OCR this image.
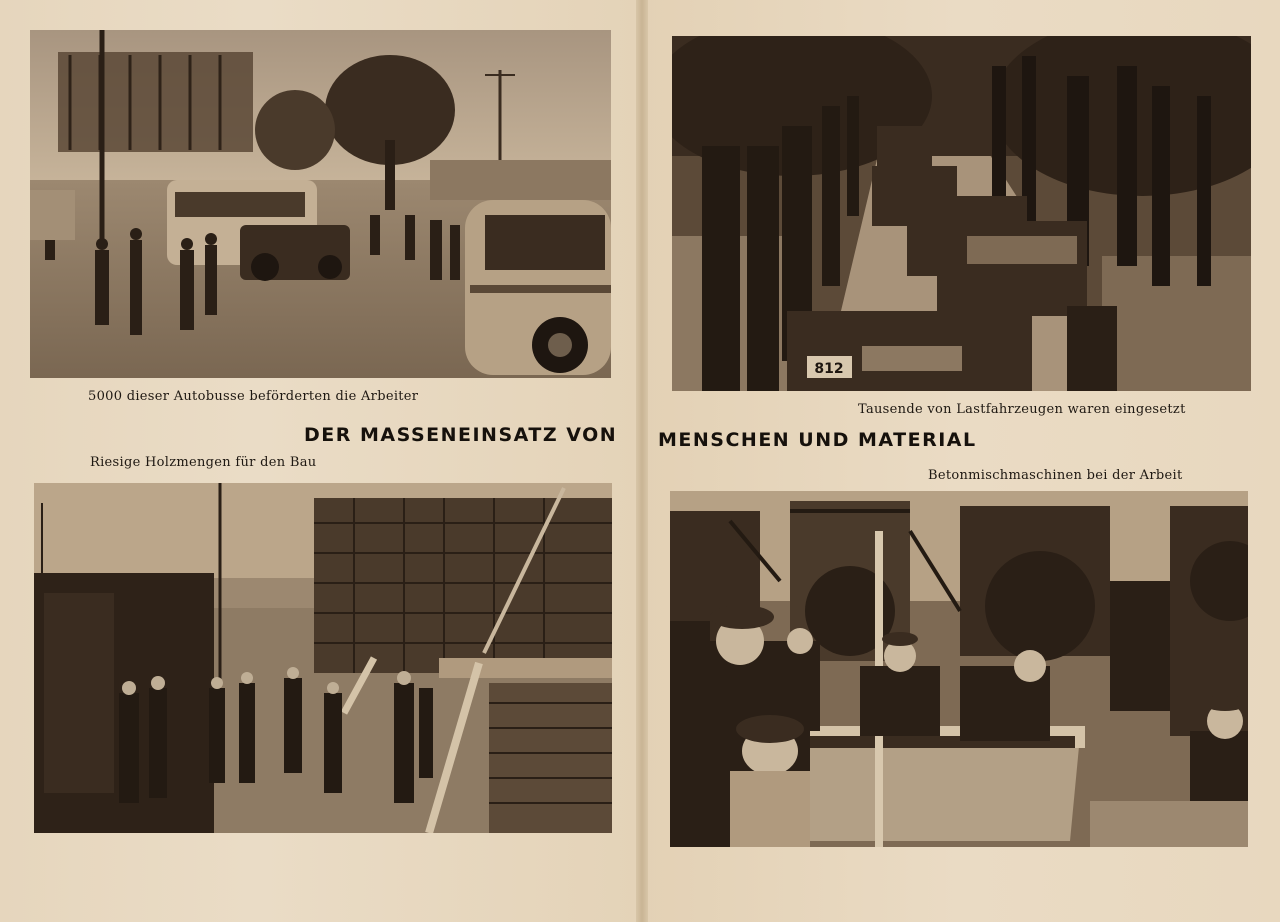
812
5000 dieser Autobusse beförderten die Arbeiter
Riesige Holzmengen für den Bau
Tausende von Lastfahrzeugen waren eingesetzt
Betonmischmaschinen bei der Arbeit
DER MASSENEINSATZ VON MENSCHEN UND MATERIAL
